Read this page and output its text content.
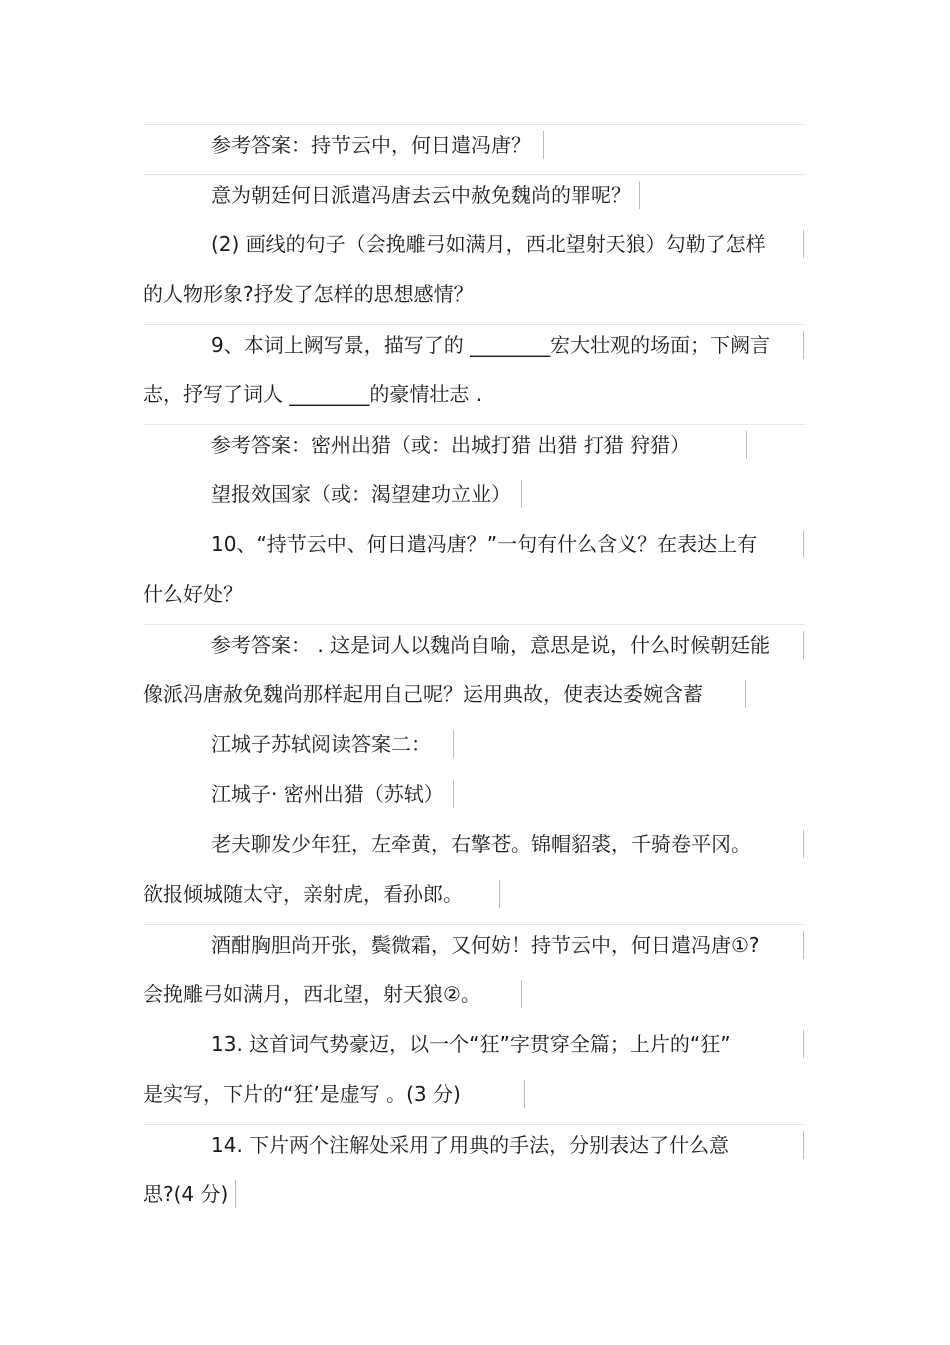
参考答案：持节云中，何日遣冯唐？
意为朝廷何日派遣冯唐去云中赦免魏尚的罪呢？
(2) 画线的句子（会挽雕弓如满月，西北望射天狼）勾勒了怎样
的人物形象?抒发了怎样的思想感情？
9、本词上阙写景，描写了的 ________宏大壮观的场面；下阙言
志，抒写了词人 ________的豪情壮志 .
参考答案：密州出猎（或：出城打猎 出猎 打猎 狩猎）
望报效国家（或：渴望建功立业）
10、“持节云中、何日遣冯唐？”一句有什么含义？在表达上有
什么好处？
参考答案： . 这是词人以魏尚自喻，意思是说，什么时候朝廷能
像派冯唐赦免魏尚那样起用自己呢？运用典故，使表达委婉含蓄
江城子苏轼阅读答案二：
江城子· 密州出猎（苏轼）
老夫聊发少年狂，左牵黄，右擎苍。锦帽貂裘，千骑卷平冈。
欲报倾城随太守，亲射虎，看孙郎。
酒酣胸胆尚开张，鬓微霜，又何妨！持节云中，何日遣冯唐①?
会挽雕弓如满月，西北望，射天狼②。
13. 这首词气势豪迈，以一个“狂”字贯穿全篇；上片的“狂”
是实写，下片的“狂’是虚写 。(3 分)
14. 下片两个注解处采用了用典的手法，分别表达了什么意
思?(4 分)
